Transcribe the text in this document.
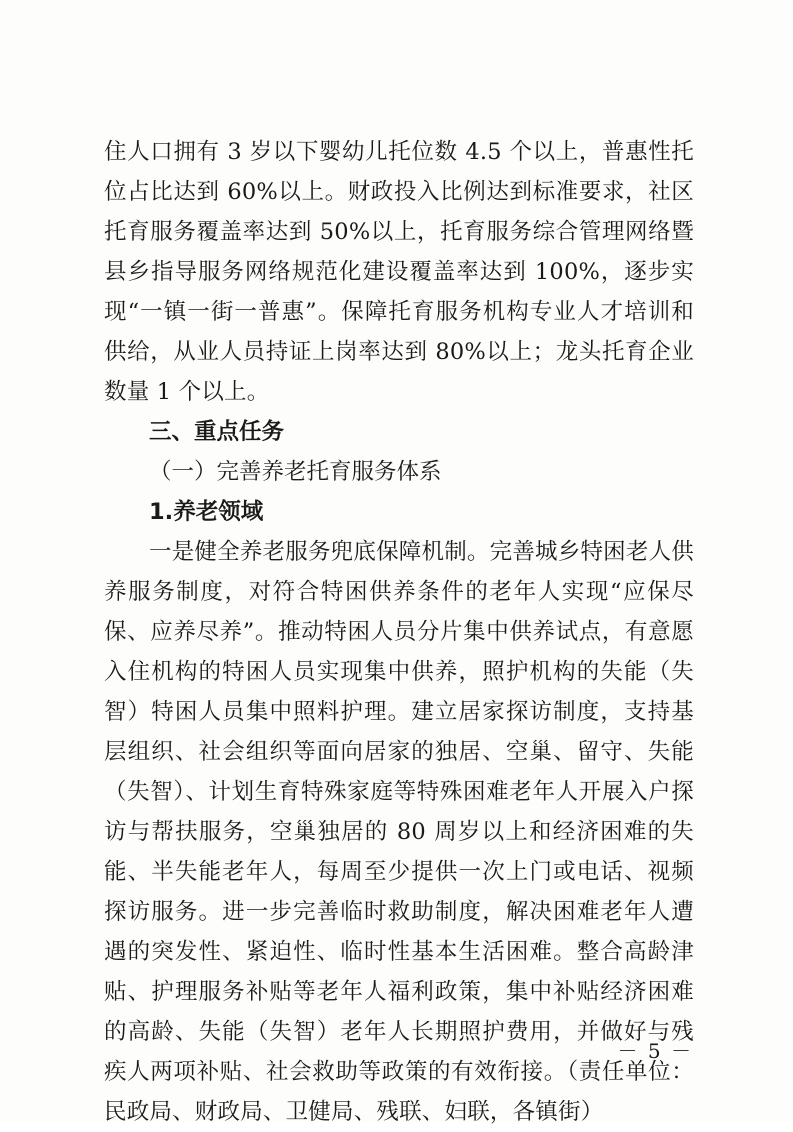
住人口拥有 3 岁以下婴幼儿托位数 4.5 个以上，普惠性托位占比达到 60%以上。财政投入比例达到标准要求，社区托育服务覆盖率达到 50%以上，托育服务综合管理网络暨县乡指导服务网络规范化建设覆盖率达到 100%，逐步实现“一镇一街一普惠”。保障托育服务机构专业人才培训和供给，从业人员持证上岗率达到 80%以上；龙头托育企业数量 1 个以上。

三、重点任务

（一）完善养老托育服务体系

1.养老领域

一是健全养老服务兜底保障机制。完善城乡特困老人供养服务制度，对符合特困供养条件的老年人实现“应保尽保、应养尽养”。推动特困人员分片集中供养试点，有意愿入住机构的特困人员实现集中供养，照护机构的失能（失智）特困人员集中照料护理。建立居家探访制度，支持基层组织、社会组织等面向居家的独居、空巢、留守、失能（失智）、计划生育特殊家庭等特殊困难老年人开展入户探访与帮扶服务，空巢独居的 80 周岁以上和经济困难的失能、半失能老年人，每周至少提供一次上门或电话、视频探访服务。进一步完善临时救助制度，解决困难老年人遭遇的突发性、紧迫性、临时性基本生活困难。整合高龄津贴、护理服务补贴等老年人福利政策，集中补贴经济困难的高龄、失能（失智）老年人长期照护费用，并做好与残疾人两项补贴、社会救助等政策的有效衔接。（责任单位：民政局、财政局、卫健局、残联、妇联，各镇街）

－ 5 －
